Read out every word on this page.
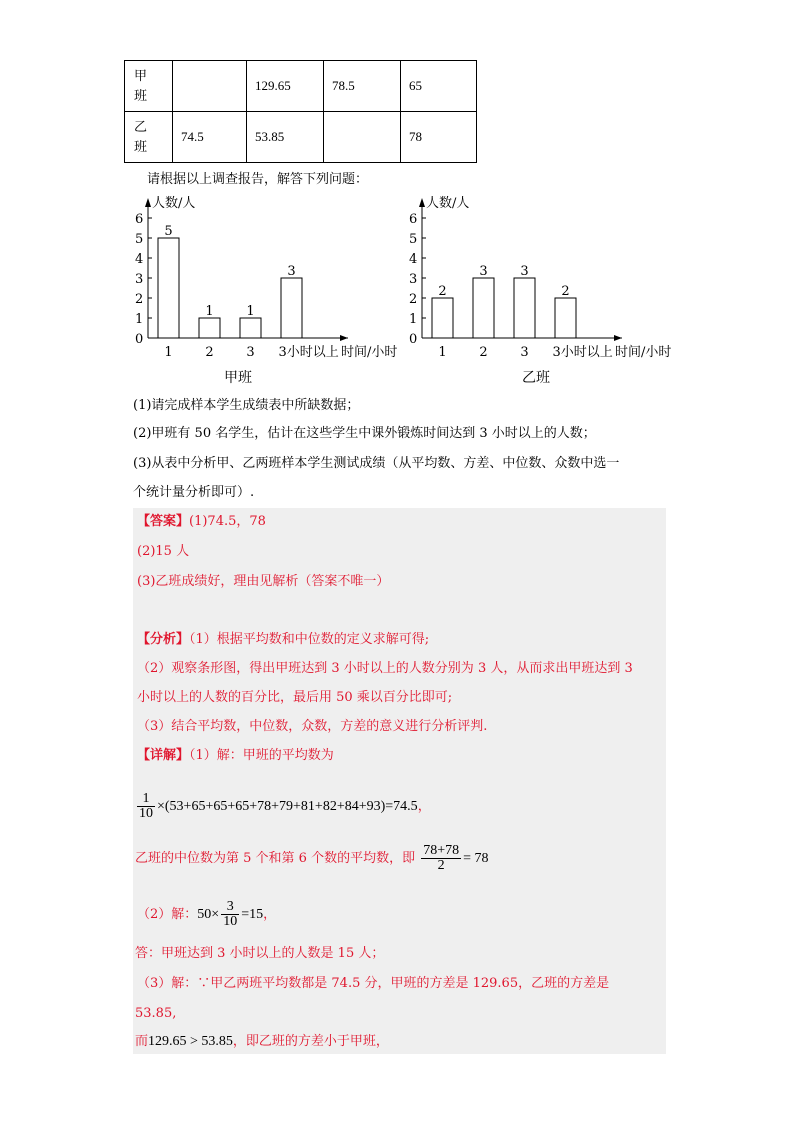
甲
班		129.65	78.5	65
乙
班	74.5	53.85		78
请根据以上调查报告，解答下列问题：
人数/人
0
1
2
3
4
5
6
5
1	1
3
1	2	3 3小时以上 时间/小时
甲班
人数/人
0
1
2
3
4
5
6
2
3	3
2
1	2	3 3小时以上 时间/小时
乙班
(1)请完成样本学生成绩表中所缺数据；
(2)甲班有 50 名学生，估计在这些学生中课外锻炼时间达到 3 小时以上的人数；
(3)从表中分析甲、乙两班样本学生测试成绩（从平均数、方差、中位数、众数中选一
个统计量分析即可）.
【答案】(1)74.5，78
(2)15 人
(3)乙班成绩好，理由见解析（答案不唯一）
【分析】（1）根据平均数和中位数的定义求解可得;
（2）观察条形图，得出甲班达到 3 小时以上的人数分别为 3 人，从而求出甲班达到 3
小时以上的人数的百分比，最后用 50 乘以百分比即可;
（3）结合平均数，中位数，众数，方差的意义进行分析评判.
【详解】（1）解：甲班的平均数为
$\frac{1}{10} \times(53+65+65+65+78+79+81+82+84+93)=74.5$，
乙班的中位数为第 5 个和第 6 个数的平均数，即 $\frac{78+78}{2} = 78$
（2）解：$50\times \frac{3}{10} =15$，
答：甲班达到 3 小时以上的人数是 15 人；
（3）解：∵甲乙两班平均数都是 74.5 分，甲班的方差是 129.65，乙班的方差是
53.85,
而129.65 > 53.85，即乙班的方差小于甲班，
